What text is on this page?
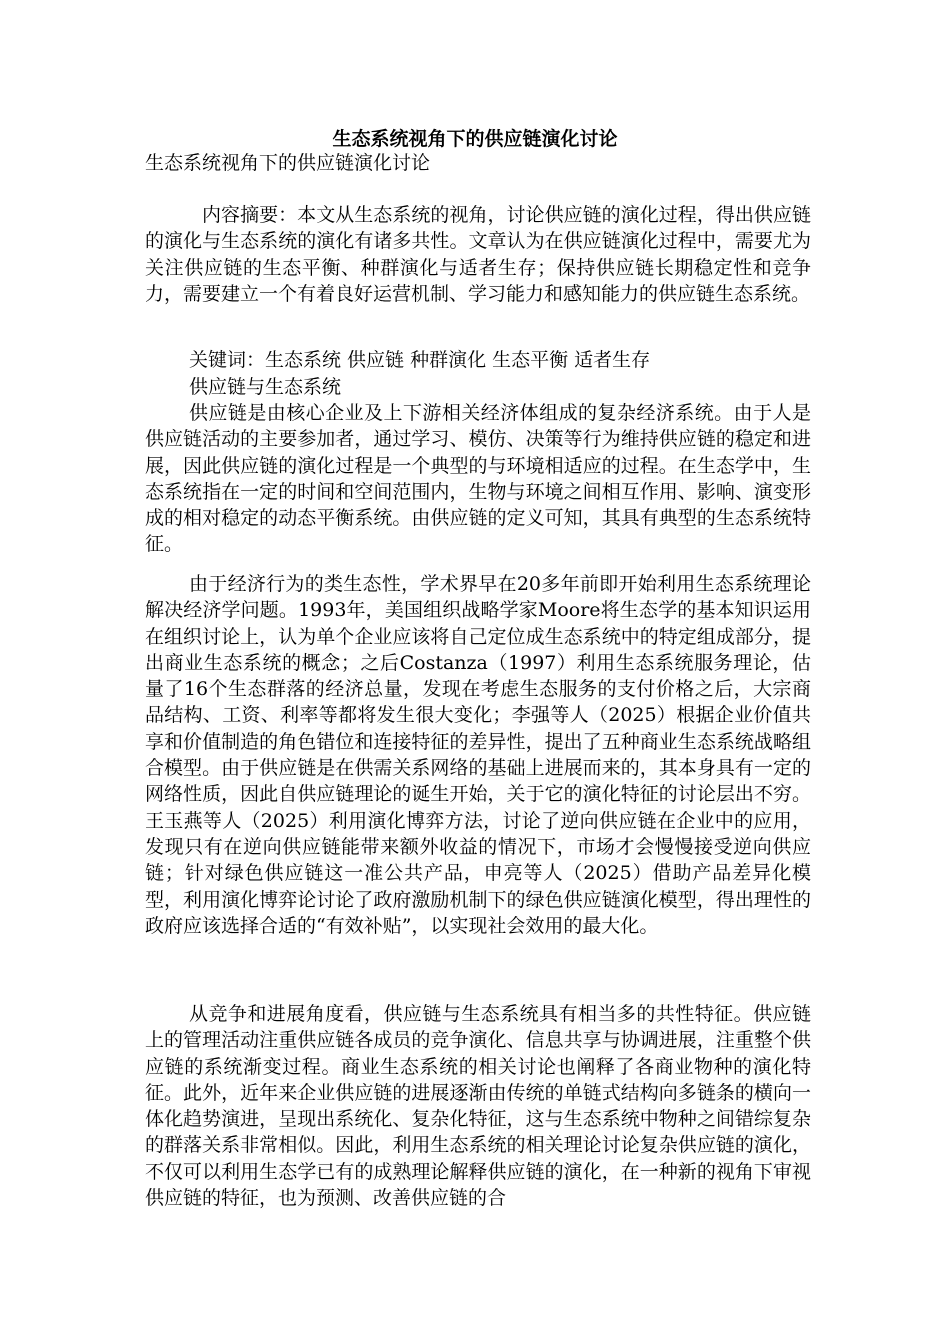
生态系统视角下的供应链演化讨论
生态系统视角下的供应链演化讨论

内容摘要：本文从生态系统的视角，讨论供应链的演化过程，得出供应链的演化与生态系统的演化有诸多共性。文章认为在供应链演化过程中，需要尤为关注供应链的生态平衡、种群演化与适者生存；保持供应链长期稳定性和竞争力，需要建立一个有着良好运营机制、学习能力和感知能力的供应链生态系统。

关键词：生态系统 供应链 种群演化 生态平衡 适者生存

供应链与生态系统

供应链是由核心企业及上下游相关经济体组成的复杂经济系统。由于人是供应链活动的主要参加者，通过学习、模仿、决策等行为维持供应链的稳定和进展，因此供应链的演化过程是一个典型的与环境相适应的过程。在生态学中，生态系统指在一定的时间和空间范围内，生物与环境之间相互作用、影响、演变形成的相对稳定的动态平衡系统。由供应链的定义可知，其具有典型的生态系统特征。

由于经济行为的类生态性，学术界早在20多年前即开始利用生态系统理论解决经济学问题。1993年，美国组织战略学家Moore将生态学的基本知识运用在组织讨论上，认为单个企业应该将自己定位成生态系统中的特定组成部分，提出商业生态系统的概念；之后Costanza（1997）利用生态系统服务理论，估量了16个生态群落的经济总量，发现在考虑生态服务的支付价格之后，大宗商品结构、工资、利率等都将发生很大变化；李强等人（2025）根据企业价值共享和价值制造的角色错位和连接特征的差异性，提出了五种商业生态系统战略组合模型。由于供应链是在供需关系网络的基础上进展而来的，其本身具有一定的网络性质，因此自供应链理论的诞生开始，关于它的演化特征的讨论层出不穷。王玉燕等人（2025）利用演化博弈方法，讨论了逆向供应链在企业中的应用，发现只有在逆向供应链能带来额外收益的情况下，市场才会慢慢接受逆向供应链；针对绿色供应链这一准公共产品，申亮等人（2025）借助产品差异化模型，利用演化博弈论讨论了政府激励机制下的绿色供应链演化模型，得出理性的政府应该选择合适的“有效补贴”，以实现社会效用的最大化。

从竞争和进展角度看，供应链与生态系统具有相当多的共性特征。供应链上的管理活动注重供应链各成员的竞争演化、信息共享与协调进展，注重整个供应链的系统渐变过程。商业生态系统的相关讨论也阐释了各商业物种的演化特征。此外，近年来企业供应链的进展逐渐由传统的单链式结构向多链条的横向一体化趋势演进，呈现出系统化、复杂化特征，这与生态系统中物种之间错综复杂的群落关系非常相似。因此，利用生态系统的相关理论讨论复杂供应链的演化，不仅可以利用生态学已有的成熟理论解释供应链的演化，在一种新的视角下审视供应链的特征，也为预测、改善供应链的合
